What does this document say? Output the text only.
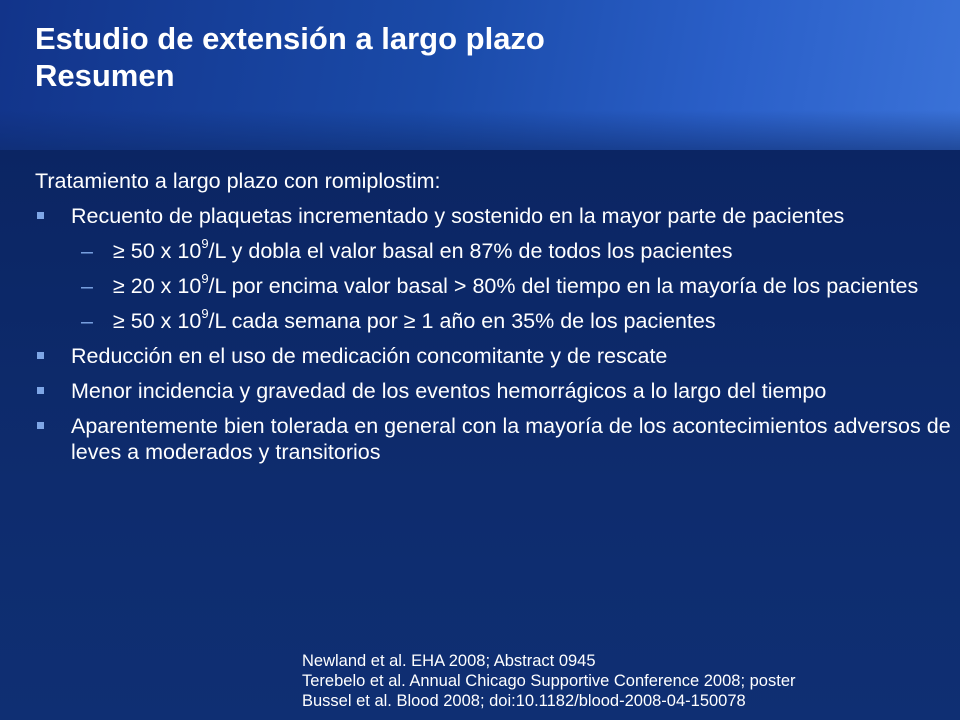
Estudio de extensión a largo plazo
Resumen
Tratamiento a largo plazo con romiplostim:
Recuento de plaquetas incrementado y sostenido en la mayor parte de pacientes
– ≥ 50 x $10^9/L$ y dobla el valor basal en 87% de todos los pacientes
– ≥ 20 x $10^9/L$ por encima valor basal > 80% del tiempo en la mayoría de los pacientes
– ≥ 50 x $10^9/L$ cada semana por ≥ 1 año en 35% de los pacientes
Reducción en el uso de medicación concomitante y de rescate
Menor incidencia y gravedad de los eventos hemorrágicos a lo largo del tiempo
Aparentemente bien tolerada en general con la mayoría de los acontecimientos adversos de leves a moderados y transitorios
Newland et al. EHA 2008; Abstract 0945
Terebelo et al. Annual Chicago Supportive Conference 2008; poster
Bussel et al. Blood 2008; doi:10.1182/blood-2008-04-150078
